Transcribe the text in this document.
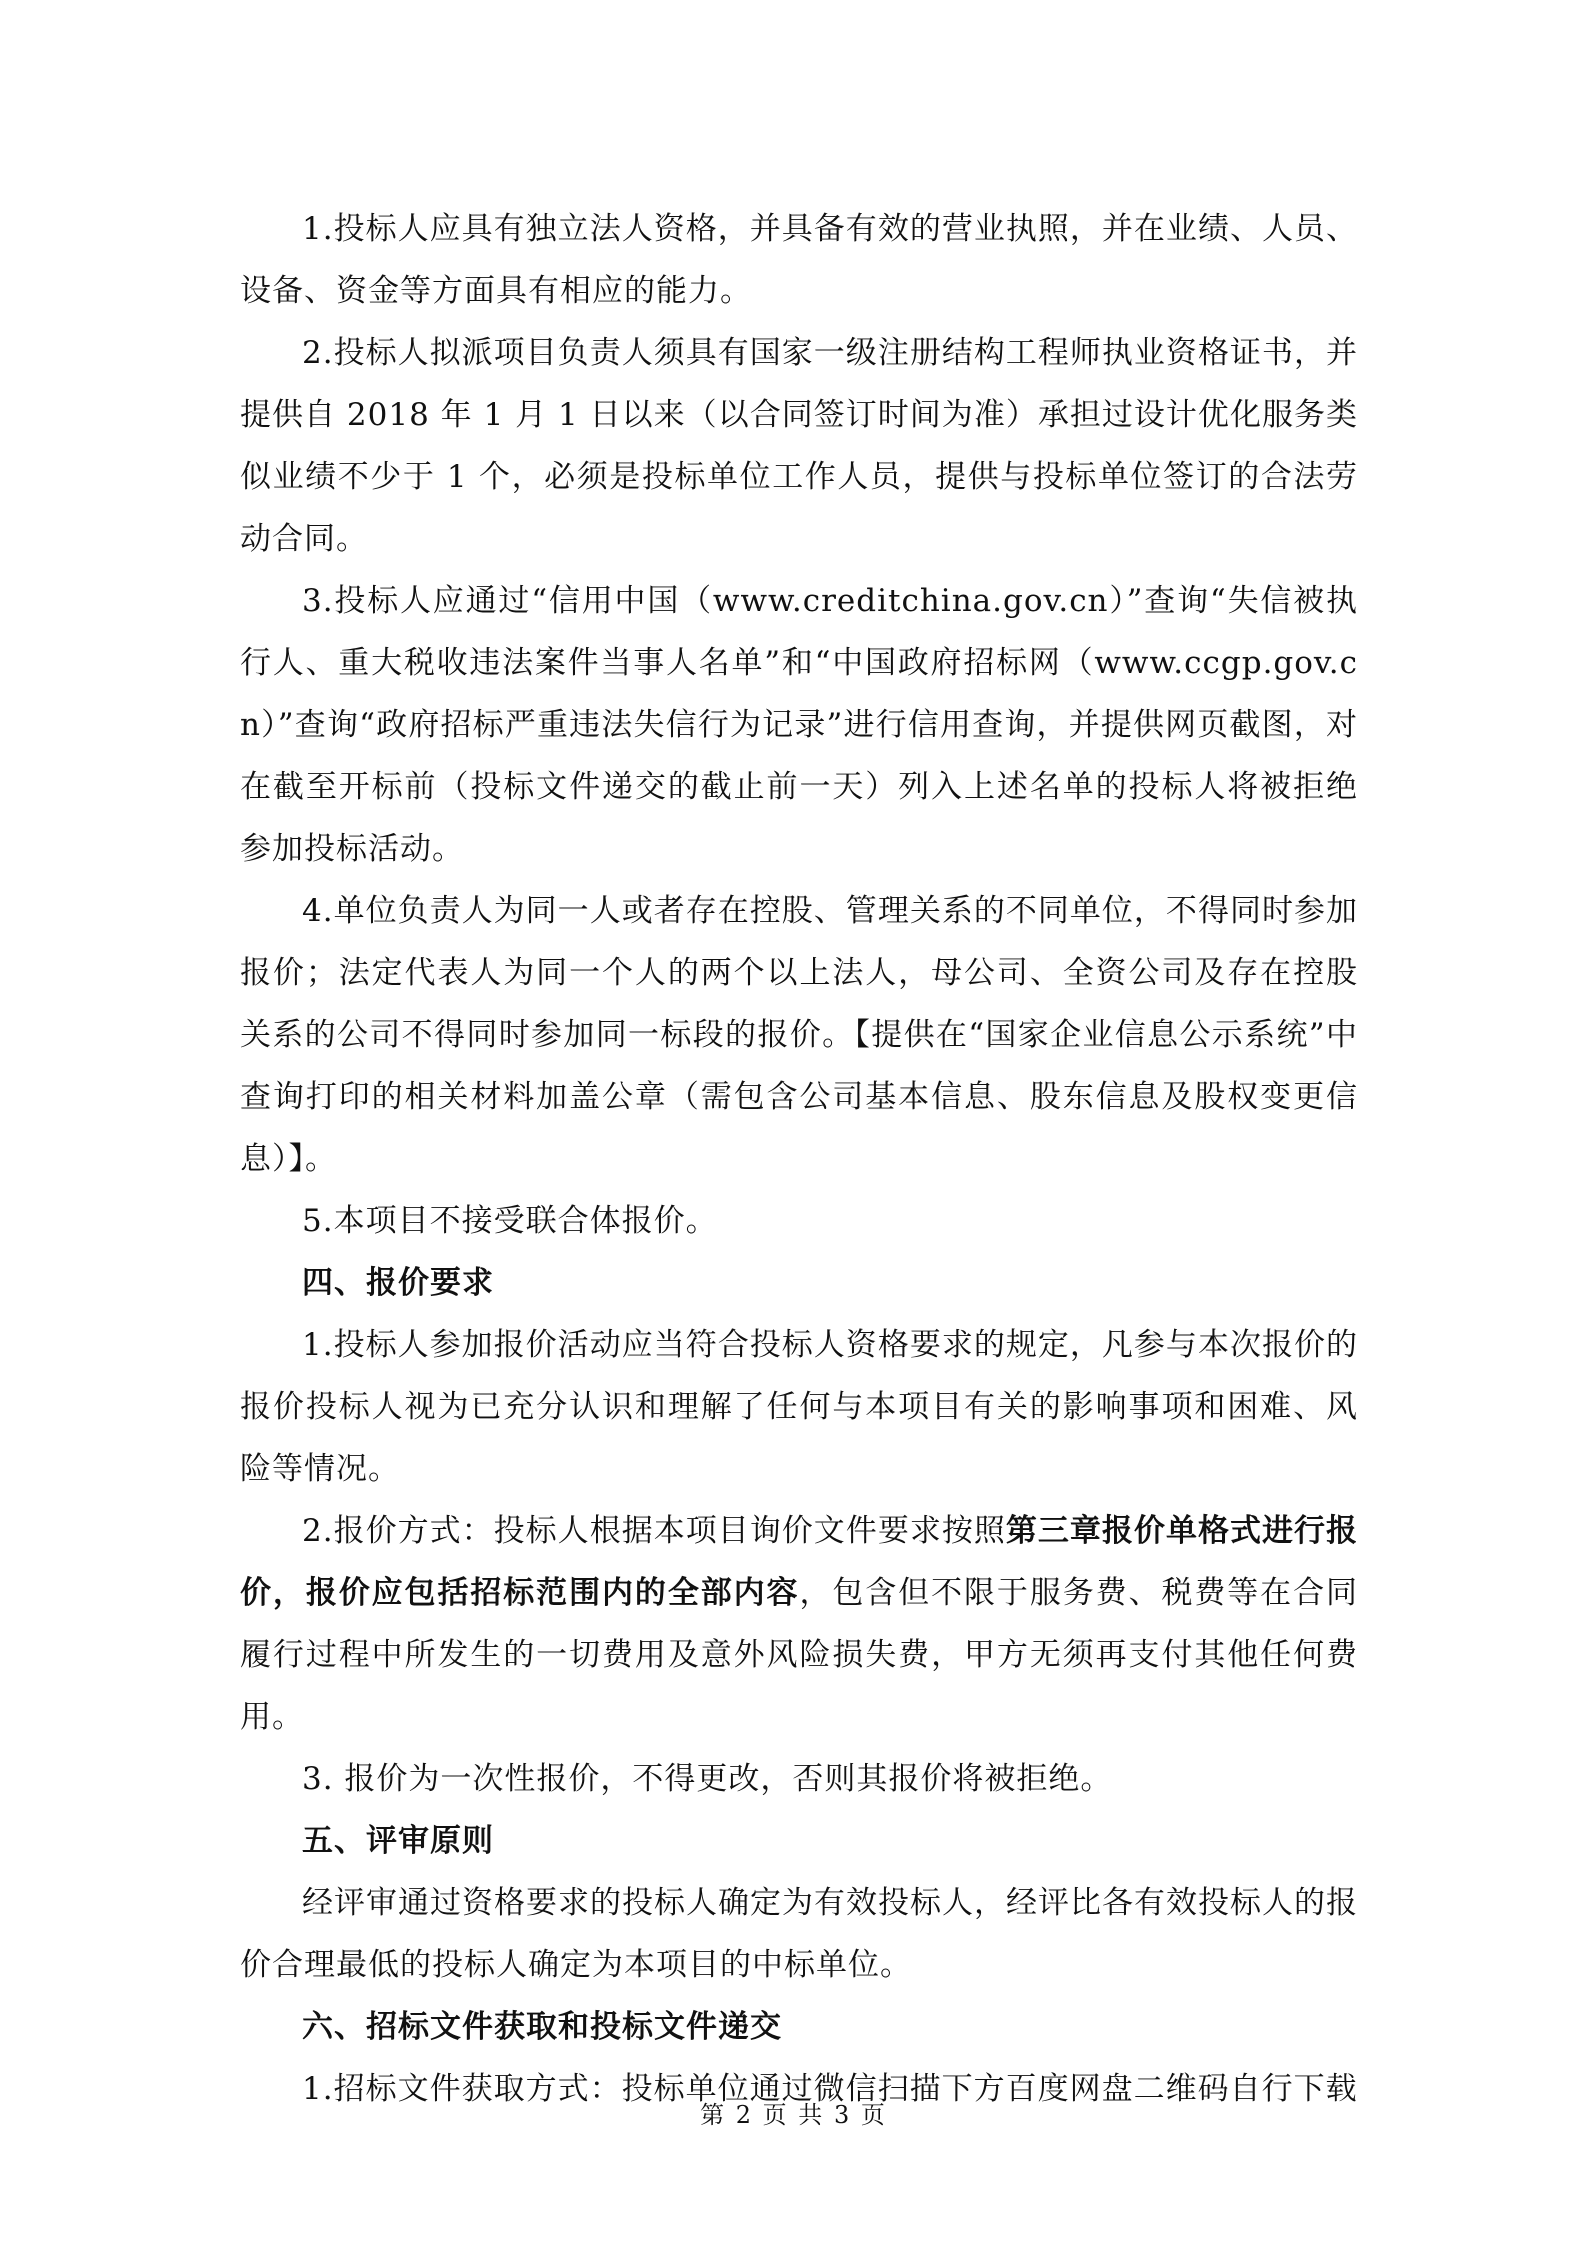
1.投标人应具有独立法人资格，并具备有效的营业执照，并在业绩、人员、设备、资金等方面具有相应的能力。

2.投标人拟派项目负责人须具有国家一级注册结构工程师执业资格证书，并提供自 2018 年 1 月 1 日以来（以合同签订时间为准）承担过设计优化服务类似业绩不少于 1 个，必须是投标单位工作人员，提供与投标单位签订的合法劳动合同。

3.投标人应通过“信用中国（www.creditchina.gov.cn）”查询“失信被执行人、重大税收违法案件当事人名单”和“中国政府招标网（www.ccgp.gov.cn）”查询“政府招标严重违法失信行为记录”进行信用查询，并提供网页截图，对在截至开标前（投标文件递交的截止前一天）列入上述名单的投标人将被拒绝参加投标活动。

4.单位负责人为同一人或者存在控股、管理关系的不同单位，不得同时参加报价；法定代表人为同一个人的两个以上法人，母公司、全资公司及存在控股关系的公司不得同时参加同一标段的报价。【提供在“国家企业信息公示系统”中查询打印的相关材料加盖公章（需包含公司基本信息、股东信息及股权变更信息）】。

5.本项目不接受联合体报价。

四、报价要求

1.投标人参加报价活动应当符合投标人资格要求的规定，凡参与本次报价的报价投标人视为已充分认识和理解了任何与本项目有关的影响事项和困难、风险等情况。

2.报价方式：投标人根据本项目询价文件要求按照第三章报价单格式进行报价，报价应包括招标范围内的全部内容，包含但不限于服务费、税费等在合同履行过程中所发生的一切费用及意外风险损失费，甲方无须再支付其他任何费用。

3. 报价为一次性报价，不得更改，否则其报价将被拒绝。

五、评审原则

经评审通过资格要求的投标人确定为有效投标人，经评比各有效投标人的报价合理最低的投标人确定为本项目的中标单位。

六、招标文件获取和投标文件递交

1.招标文件获取方式：投标单位通过微信扫描下方百度网盘二维码自行下载

第 2 页 共 3 页
